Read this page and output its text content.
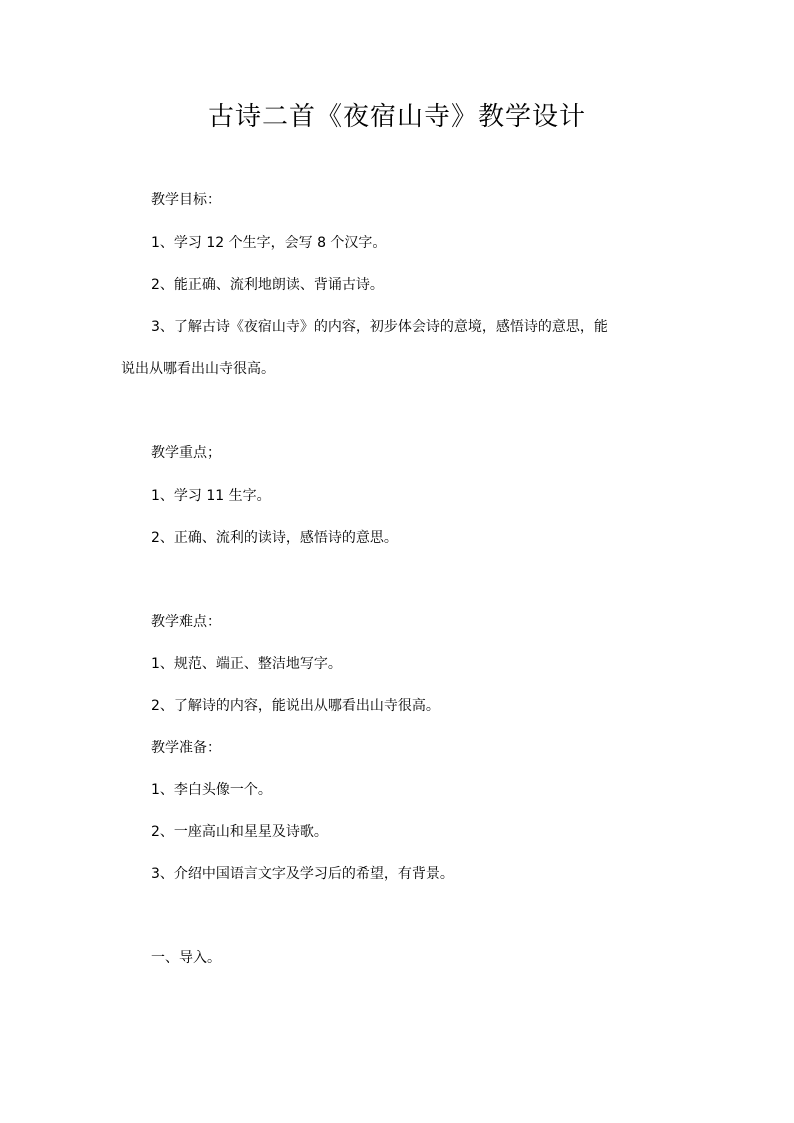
古诗二首《夜宿山寺》教学设计
教学目标：
1、学习 12 个生字，会写 8 个汉字。
2、能正确、流利地朗读、背诵古诗。
3、了解古诗《夜宿山寺》的内容，初步体会诗的意境，感悟诗的意思，能
说出从哪看出山寺很高。
教学重点；
1、学习 11 生字。
2、正确、流利的读诗，感悟诗的意思。
教学难点：
1、规范、端正、整洁地写字。
2、了解诗的内容，能说出从哪看出山寺很高。
教学准备：
1、李白头像一个。
2、一座高山和星星及诗歌。
3、介绍中国语言文字及学习后的希望，有背景。
一、导入。
